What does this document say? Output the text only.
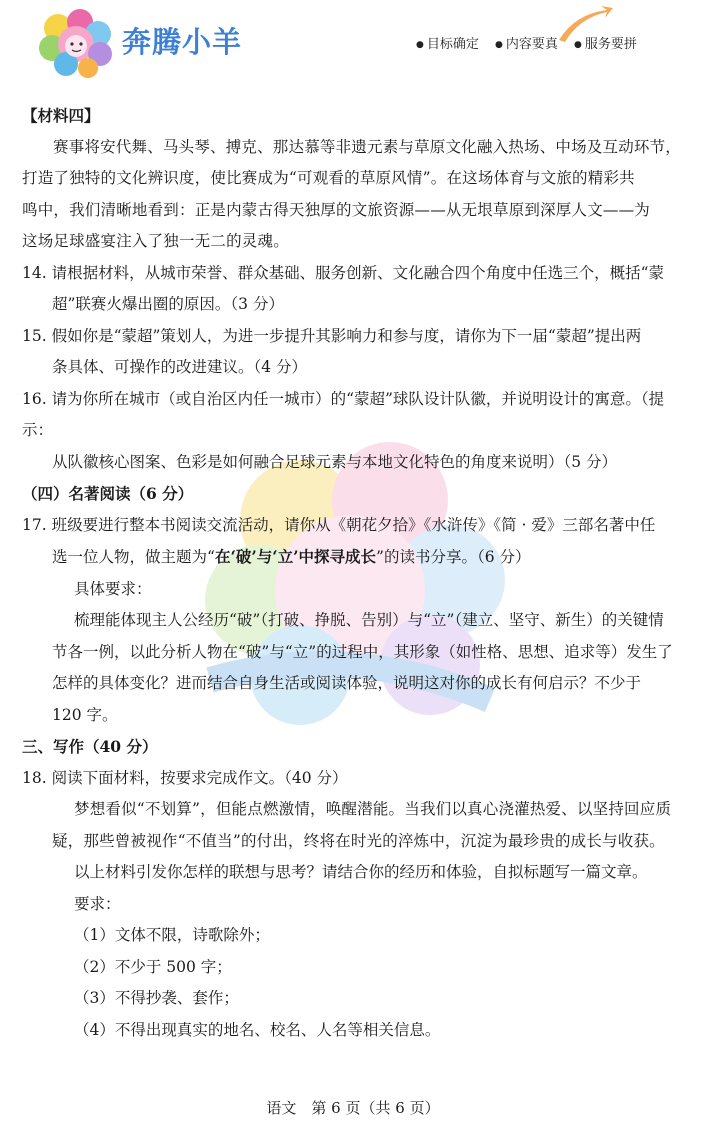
奔腾小羊	● 目标确定 ● 内容要真 ● 服务要拼

【材料四】

赛事将安代舞、马头琴、搏克、那达慕等非遗元素与草原文化融入热场、中场及互动环节，

打造了独特的文化辨识度，使比赛成为“可观看的草原风情”。在这场体育与文旅的精彩共

鸣中，我们清晰地看到：正是内蒙古得天独厚的文旅资源——从无垠草原到深厚人文——为

这场足球盛宴注入了独一无二的灵魂。

14. 请根据材料，从城市荣誉、群众基础、服务创新、文化融合四个角度中任选三个，概括“蒙

超”联赛火爆出圈的原因。（3 分）

15. 假如你是“蒙超”策划人，为进一步提升其影响力和参与度，请你为下一届“蒙超”提出两

条具体、可操作的改进建议。（4 分）

16. 请为你所在城市（或自治区内任一城市）的“蒙超”球队设计队徽，并说明设计的寓意。（提示：

从队徽核心图案、色彩是如何融合足球元素与本地文化特色的角度来说明）（5 分）

（四）名著阅读（6 分）

17. 班级要进行整本书阅读交流活动，请你从《朝花夕拾》《水浒传》《简 · 爱》三部名著中任

选一位人物，做主题为“在‘破’与‘立’中探寻成长”的读书分享。（6 分）

具体要求：

梳理能体现主人公经历“破”（打破、挣脱、告别）与“立”（建立、坚守、新生）的关键情

节各一例，以此分析人物在“破”与“立”的过程中，其形象（如性格、思想、追求等）发生了

怎样的具体变化？进而结合自身生活或阅读体验，说明这对你的成长有何启示？不少于

120 字。

三、写作（40 分）

18. 阅读下面材料，按要求完成作文。（40 分）

梦想看似“不划算”，但能点燃激情，唤醒潜能。当我们以真心浇灌热爱、以坚持回应质

疑，那些曾被视作“不值当”的付出，终将在时光的淬炼中，沉淀为最珍贵的成长与收获。

以上材料引发你怎样的联想与思考？请结合你的经历和体验，自拟标题写一篇文章。

要求：

（1）文体不限，诗歌除外；

（2）不少于 500 字；

（3）不得抄袭、套作；

（4）不得出现真实的地名、校名、人名等相关信息。

语文　第 6 页（共 6 页）
